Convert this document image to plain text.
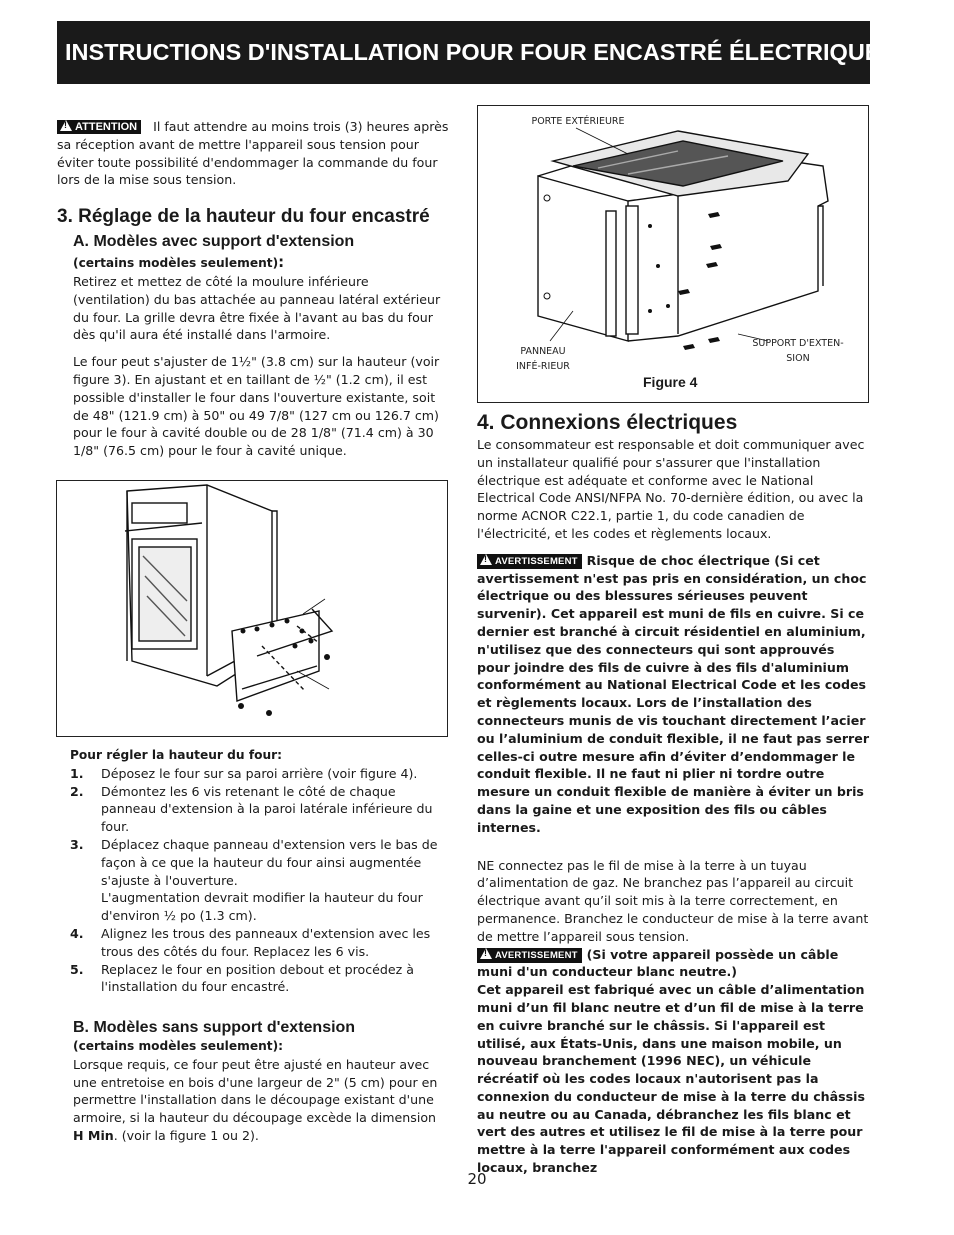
INSTRUCTIONS D'INSTALLATION POUR FOUR ENCASTRÉ ÉLECTRIQUE

!ATTENTION Il faut attendre au moins trois (3) heures après sa réception avant de mettre l'appareil sous tension pour éviter toute possibilité d'endommager la commande du four lors de la mise sous tension.

3. Réglage de la hauteur du four encastré
A. Modèles avec support d'extension

(certains modèles seulement):

Retirez et mettez de côté la moulure inférieure (ventilation) du bas attachée au panneau latéral extérieur du four. La grille devra être fixée à l'avant au bas du four dès qu'il aura été installé dans l'armoire.

Le four peut s'ajuster de 1½" (3.8 cm) sur la hauteur (voir figure 3). En ajustant et en taillant de ½" (1.2 cm), il est possible d'installer le four dans l'ouverture existante, soit de 48" (121.9 cm) à 50" ou 49 7/8" (127 cm ou 126.7 cm) pour le four à cavité double ou de 28 1/8" (71.4 cm) à 30 1/8" (76.5 cm) pour le four à cavité unique.

Pour régler la hauteur du four:

1.	Déposez le four sur sa paroi arrière (voir figure 4).
2.	Démontez les 6 vis retenant le côté de chaque panneau d'extension à la paroi latérale inférieure du four.
3.	Déplacez chaque panneau d'extension vers le bas de façon à ce que la hauteur du four ainsi augmentée s'ajuste à l'ouverture.
L'augmentation devrait modifier la hauteur du four d'environ ½ po (1.3 cm).
4.	Alignez les trous des panneaux d'extension avec les trous des côtés du four. Replacez les 6 vis.
5.	Replacez le four en position debout et procédez à l'installation du four encastré.
B. Modèles sans support d'extension

(certains modèles seulement):

Lorsque requis, ce four peut être ajusté en hauteur avec une entretoise en bois d'une largeur de 2" (5 cm) pour en permettre l'installation dans le découpage existant d'une armoire, si la hauteur du découpage excède la dimension H Min. (voir la figure 1 ou 2).

PORTE EXTÉRIEURE
PANNEAU INFÉ-RIEUR
SUPPORT D'EXTEN-SION
Figure 4
4. Connexions électriques

Le consommateur est responsable et doit communiquer avec un installateur qualifié pour s'assurer que l'installation électrique est adéquate et conforme avec le National Electrical Code ANSI/NFPA No. 70-dernière édition, ou avec la norme ACNOR C22.1, partie 1, du code canadien de l'électricité, et les codes et règlements locaux.

!AVERTISSEMENT Risque de choc électrique (Si cet avertissement n'est pas pris en considération, un choc électrique ou des blessures sérieuses peuvent survenir). Cet appareil est muni de fils en cuivre. Si ce dernier est branché à circuit résidentiel en aluminium, n'utilisez que des connecteurs qui sont approuvés pour joindre des fils de cuivre à des fils d'aluminium conformément au National Electrical Code et les codes et règlements locaux. Lors de l’installation des connecteurs munis de vis touchant directement l’acier ou l’aluminium de conduit flexible, il ne faut pas serrer celles-ci outre mesure afin d’éviter d’endommager le conduit flexible. Il ne faut ni plier ni tordre outre mesure un conduit flexible de manière à éviter un bris dans la gaine et une exposition des fils ou câbles internes.

NE connectez pas le fil de mise à la terre à un tuyau d’alimentation de gaz. Ne branchez pas l’appareil au circuit électrique avant qu’il soit mis à la terre correctement, en permanence. Branchez le conducteur de mise à la terre avant de mettre l’appareil sous tension.

!AVERTISSEMENT (Si votre appareil possède un câble muni d'un conducteur blanc neutre.)
Cet appareil est fabriqué avec un câble d’alimentation muni d’un fil blanc neutre et d’un fil de mise à la terre en cuivre branché sur le châssis. Si l'appareil est utilisé, aux États-Unis, dans une maison mobile, un nouveau branchement (1996 NEC), un véhicule récréatif où les codes locaux n'autorisent pas la connexion du conducteur de mise à la terre du châssis au neutre ou au Canada, débranchez les fils blanc et vert des autres et utilisez le fil de mise à la terre pour mettre à la terre l'appareil conformément aux codes locaux, branchez

20
